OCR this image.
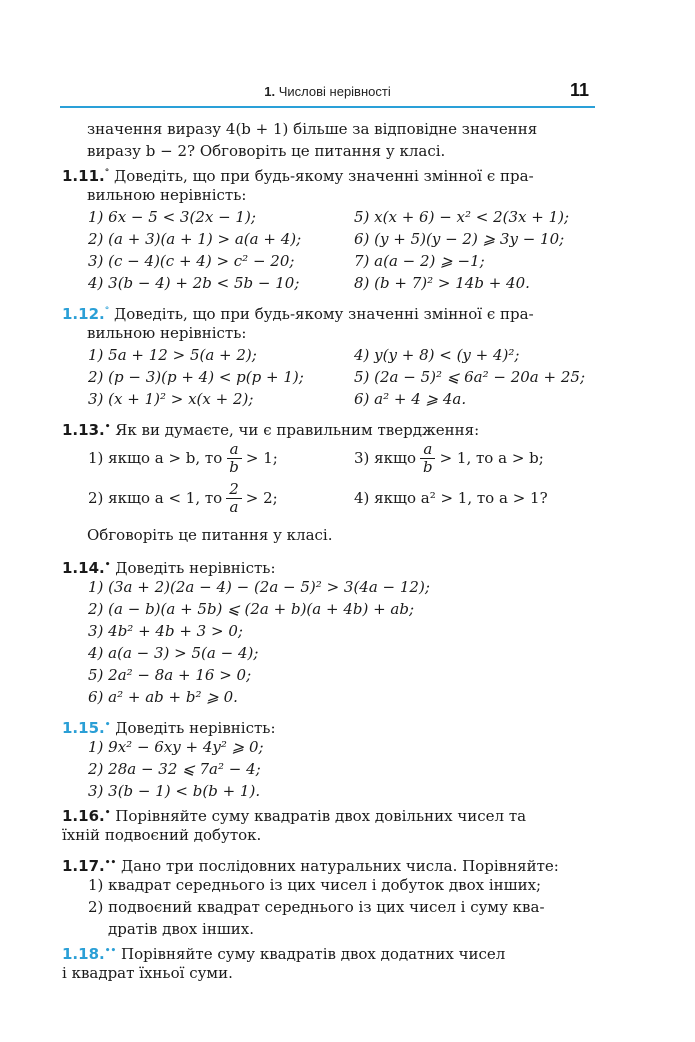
1. Числові нерівності	11
значення виразу 4(b + 1) більше за відповідне значення
виразу b − 2? Обговоріть це питання у класі.
1.11.° Доведіть, що при будь-якому значенні змінної є пра-
вильною нерівність:
1) 6x − 5 < 3(2x − 1);	5) x(x + 6) − x² < 2(3x + 1);
2) (a + 3)(a + 1) > a(a + 4);	6) (y + 5)(y − 2) ⩾ 3y − 10;
3) (c − 4)(c + 4) > c² − 20;	7) a(a − 2) ⩾ −1;
4) 3(b − 4) + 2b < 5b − 10;	8) (b + 7)² > 14b + 40.
1.12.° Доведіть, що при будь-якому значенні змінної є пра-
вильною нерівність:
1) 5a + 12 > 5(a + 2);	4) y(y + 8) < (y + 4)²;
2) (p − 3)(p + 4) < p(p + 1);	5) (2a − 5)² ⩽ 6a² − 20a + 25;
3) (x + 1)² > x(x + 2);	6) a² + 4 ⩾ 4a.
1.13.• Як ви думаєте, чи є правильним твердження:
1) якщо a > b, то $\frac{a}{b} > 1$;	3) якщо $\frac{a}{b} > 1$, то a > b;
2) якщо a < 1, то $\frac{2}{a} > 2$;	4) якщо a² > 1, то a > 1?
Обговоріть це питання у класі.
1.14.• Доведіть нерівність:
1) (3a + 2)(2a − 4) − (2a − 5)² > 3(4a − 12);
2) (a − b)(a + 5b) ⩽ (2a + b)(a + 4b) + ab;
3) 4b² + 4b + 3 > 0;
4) a(a − 3) > 5(a − 4);
5) 2a² − 8a + 16 > 0;
6) a² + ab + b² ⩾ 0.
1.15.• Доведіть нерівність:
1) 9x² − 6xy + 4y² ⩾ 0;
2) 28a − 32 ⩽ 7a² − 4;
3) 3(b − 1) < b(b + 1).
1.16.• Порівняйте суму квадратів двох довільних чисел та
їхній подвоєний добуток.
1.17.•• Дано три послідовних натуральних числа. Порівняйте:
1) квадрат середнього із цих чисел і добуток двох інших;
2) подвоєний квадрат середнього із цих чисел і суму ква-
дратів двох інших.
1.18.•• Порівняйте суму квадратів двох додатних чисел
і квадрат їхньої суми.
